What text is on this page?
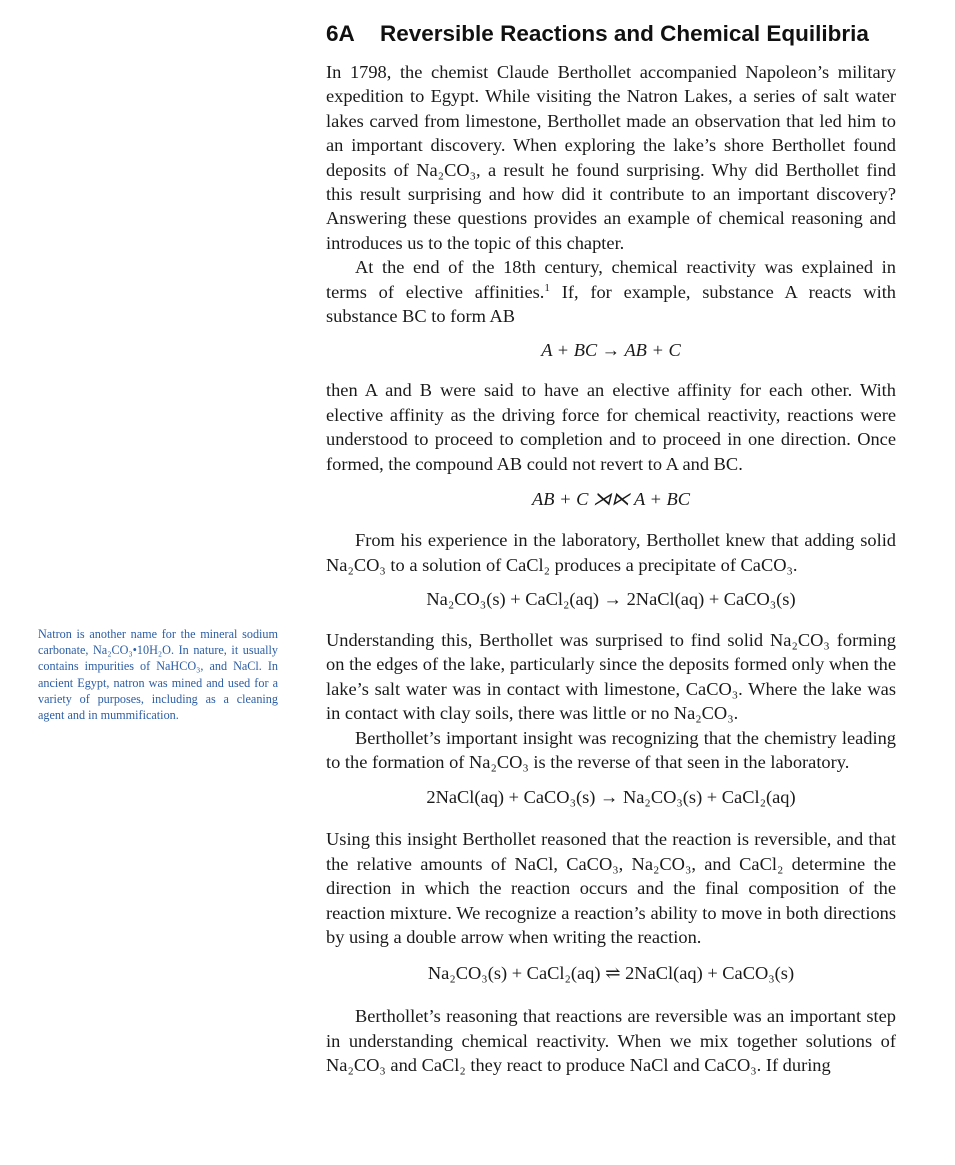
6A Reversible Reactions and Chemical Equilibria

Natron is another name for the mineral sodium carbonate, Na₂CO₃•10H₂O. In nature, it usually contains impurities of NaHCO₃, and NaCl. In ancient Egypt, natron was mined and used for a variety of purposes, including as a cleaning agent and in mummification.

In 1798, the chemist Claude Berthollet accompanied Napoleon’s military expedition to Egypt. While visiting the Natron Lakes, a series of salt water lakes carved from limestone, Berthollet made an observation that led him to an important discovery. When exploring the lake’s shore Berthollet found deposits of Na₂CO₃, a result he found surprising. Why did Berthollet find this result surprising and how did it contribute to an important discovery? Answering these questions provides an example of chemical reasoning and introduces us to the topic of this chapter.

At the end of the 18th century, chemical reactivity was explained in terms of elective affinities.$^1$ If, for example, substance A reacts with substance BC to form AB

A + BC → AB + C

then A and B were said to have an elective affinity for each other. With elective affinity as the driving force for chemical reactivity, reactions were understood to proceed to completion and to proceed in one direction. Once formed, the compound AB could not revert to A and BC.

AB + C ⋊⋉ A + BC

From his experience in the laboratory, Berthollet knew that adding solid Na₂CO₃ to a solution of CaCl₂ produces a precipitate of CaCO₃.

Na₂CO₃(s) + CaCl₂(aq) → 2NaCl(aq) + CaCO₃(s)

Understanding this, Berthollet was surprised to find solid Na₂CO₃ forming on the edges of the lake, particularly since the deposits formed only when the lake’s salt water was in contact with limestone, CaCO₃. Where the lake was in contact with clay soils, there was little or no Na₂CO₃.

Berthollet’s important insight was recognizing that the chemistry leading to the formation of Na₂CO₃ is the reverse of that seen in the laboratory.

2NaCl(aq) + CaCO₃(s) → Na₂CO₃(s) + CaCl₂(aq)

Using this insight Berthollet reasoned that the reaction is reversible, and that the relative amounts of NaCl, CaCO₃, Na₂CO₃, and CaCl₂ determine the direction in which the reaction occurs and the final composition of the reaction mixture. We recognize a reaction’s ability to move in both directions by using a double arrow when writing the reaction.

Na₂CO₃(s) + CaCl₂(aq) ⇌ 2NaCl(aq) + CaCO₃(s)

Berthollet’s reasoning that reactions are reversible was an important step in understanding chemical reactivity. When we mix together solutions of Na₂CO₃ and CaCl₂ they react to produce NaCl and CaCO₃. If during
